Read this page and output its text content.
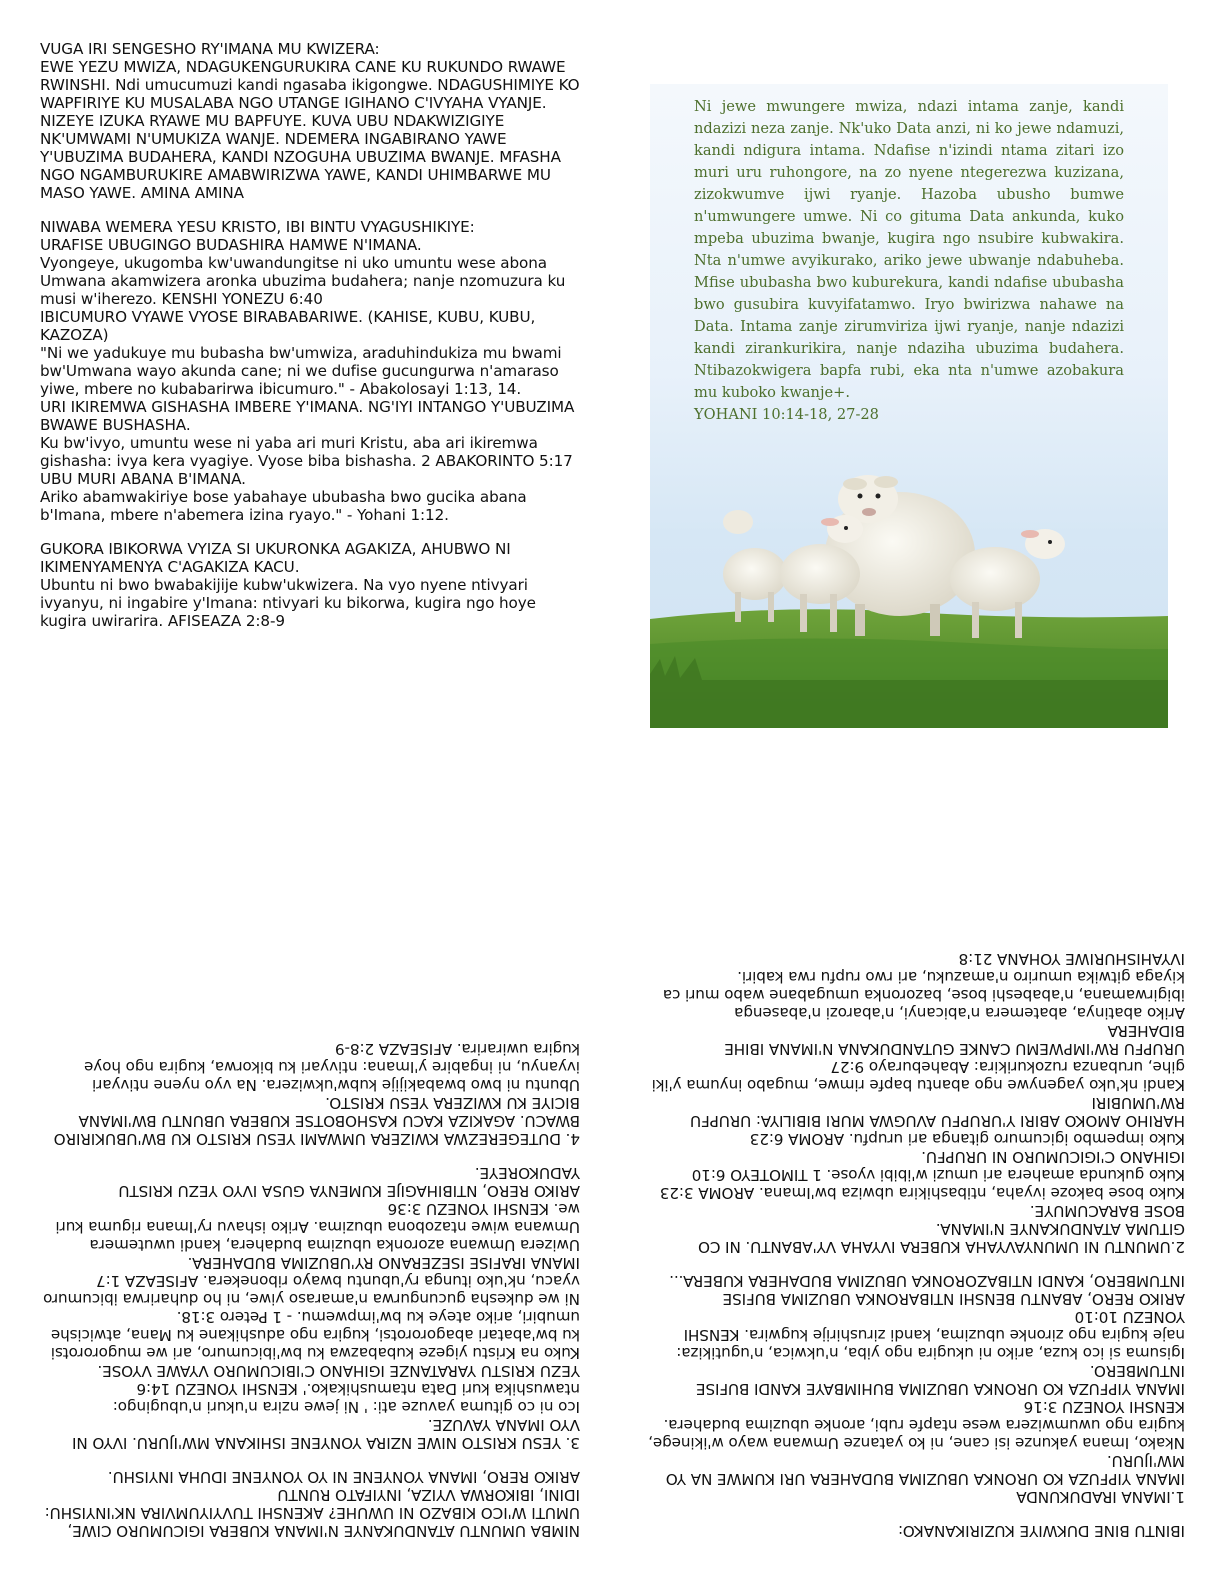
VUGA IRI SENGESHO RY'IMANA MU KWIZERA:
EWE YEZU MWIZA, NDAGUKENGURUKIRA CANE KU RUKUNDO RWAWE RWINSHI. Ndi umucumuzi kandi ngasaba ikigongwe. NDAGUSHIMIYE KO WAPFIRIYE KU MUSALABA NGO UTANGE IGIHANO C'IVYAHA VYANJE. NIZEYE IZUKA RYAWE MU BAPFUYE. KUVA UBU NDAKWIZIGIYE NK'UMWAMI N'UMUKIZA WANJE. NDEMERA INGABIRANO YAWE Y'UBUZIMA BUDAHERA, KANDI NZOGUHA UBUZIMA BWANJE. MFASHA NGO NGAMBURUKIRE AMABWIRIZWA YAWE, KANDI UHIMBARWE MU MASO YAWE. AMINA AMINA

NIWABA WEMERA YESU KRISTO, IBI BINTU VYAGUSHIKIYE:
URAFISE UBUGINGO BUDASHIRA HAMWE N'IMANA.
Vyongeye, ukugomba kw'uwandungitse ni uko umuntu wese abona Umwana akamwizera aronka ubuzima budahera; nanje nzomuzura ku musi w'iherezo. KENSHI YONEZU 6:40
IBICUMURO VYAWE VYOSE BIRABABARIWE. (KAHISE, KUBU, KUBU, KAZOZA)
"Ni we yadukuye mu bubasha bw'umwiza, araduhindukiza mu bwami bw'Umwana wayo akunda cane; ni we dufise gucungurwa n'amaraso yiwe, mbere no kubabarirwa ibicumuro." - Abakolosayi 1:13, 14.
URI IKIREMWA GISHASHA IMBERE Y'IMANA. NG'IYI INTANGO Y'UBUZIMA BWAWE BUSHASHA.
Ku bw'ivyo, umuntu wese ni yaba ari muri Kristu, aba ari ikiremwa gishasha: ivya kera vyagiye. Vyose biba bishasha. 2 ABAKORINTO 5:17
UBU MURI ABANA B'IMANA.
Ariko abamwakiriye bose yabahaye ububasha bwo gucika abana b'Imana, mbere n'abemera izina ryayo." - Yohani 1:12.

GUKORA IBIKORWA VYIZA SI UKURONKA AGAKIZA, AHUBWO NI IKIMENYAMENYA C'AGAKIZA KACU.
Ubuntu ni bwo bwabakijije kubw'ukwizera. Na vyo nyene ntivyari ivyanyu, ni ingabire y'Imana: ntivyari ku bikorwa, kugira ngo hoye kugira uwirarira. AFISEAZA 2:8-9

Ni jewe mwungere mwiza, ndazi intama zanje, kandi ndazizi neza zanje. Nk'uko Data anzi, ni ko jewe ndamuzi, kandi ndigura intama. Ndafise n'izindi ntama zitari izo muri uru ruhongore, na zo nyene ntegerezwa kuzizana, zizokwumve ijwi ryanje. Hazoba ubusho bumwe n'umwungere umwe. Ni co gituma Data ankunda, kuko mpeba ubuzima bwanje, kugira ngo nsubire kubwakira. Nta n'umwe avyikurako, ariko jewe ubwanje ndabuheba. Mfise ububasha bwo kuburekura, kandi ndafise ububasha bwo gusubira kuvyifatamwo. Iryo bwirizwa nahawe na Data. Intama zanje zirumviriza ijwi ryanje, nanje ndazizi kandi zirankurikira, nanje ndaziha ubuzima budahera. Ntibazokwigera bapfa rubi, eka nta n'umwe azobakura mu kuboko kwanje+.
YOHANI 10:14-18, 27-28

NIMBA UMUNTU ATANDUKANYE N'IMANA KUBERA IGICUMURO CIWE, UMUTI W'ICO KIBAZO NI UWUHE? AKENSHI TUVYIYUMVIRA NK'INYISHU: IDINI, IBIKORWA VYIZA, INYIFATO RUNTU
ARIKO RERO, IMANA YONYENE NI YO YONYENE IDUHA INYISHU.

3. YESU KRISTO NIWE NZIRA YONYENE ISHIKANA MW'IJURU. IVYO NI VYO IMANA YAVUZE.
Ico ni co gituma yavuze ati: ' Ni jewe nzira n'ukuri n'ubugingo: ntawushika kuri Data ntamushikako.' KENSHI YONEZU 14:6
YEZU KRISTU YARATANZE IGIHANO C'IBICUMURO VYAWE VYOSE.
Kuko na Kristu yigeze kubabazwa ku bw'ibicumuro, ari we mugororotsi ku bw'abatari abagororotsi, kugira ngo adushikane ku Mana, atwicishe umubiri, ariko ateye ku bw'impwemu. - 1 Petero 3:18.
Ni we dukesha gucungurwa n'amaraso yiwe, ni ho duharirwa ibicumuro vyacu, nk'uko itunga ry'ubuntu bwayo ribonekera. AFISEAZA 1:7
IMANA IRAFISE ISEZERANO RY'UBUZIMA BUDAHERA.
Uwizera Umwana azoronka ubuzima budahera, kandi uwutemera Umwana wiwe ntazobona ubuzima. Ariko ishavu ry'Imana riguma kuri we. KENSHI YONEZU 3:36
ARIKO RERO, NTIBIHAGIJE KUMENYA GUSA IVYO YEZU KRISTU YADUKOREYE.

4. DUTEGEREZWA KWIZERA UMWAMI YESU KRISTO KU BW'UBUKIRIRO BWACU. AGAKIZA KACU KASHOBOTSE KUBERA UBUNTU BW'IMANA BICIYE KU KWIZERA YESU KRISTO.
Ubuntu ni bwo bwabakijije kubw'ukwizera. Na vyo nyene ntivyari ivyanyu, ni ingabire y'Imana: ntivyari ku bikorwa, kugira ngo hoye kugira uwirarira. AFISEAZA 2:8-9

IBINTU BINE DUKWIYE KUZIRIKANAKO:

1.IMANA IRADUKUNDA
IMANA YIPFUZA KO URONKA UBUZIMA BUDAHERA URI KUMWE NA YO MW'IJURU.
Nkako, Imana yakunze isi cane, ni ko yatanze Umwana wayo w'ikinege, kugira ngo uwumwizera wese ntapfe rubi, aronke ubuzima budahera. KENSHI YONEZU 3:16
IMANA YIPFUZA KO URONKA UBUZIMA BUHIMBAYE KANDI BUFISE INTUMBERO.
Igisuma si ico kuza, ariko ni ukugira ngo yiba, n'ukwica, n'ugutikiza: naje kugira ngo zironke ubuzima, kandi zirushirije kugwira. KENSHI YONEZU 10:10
ARIKO RERO, ABANTU BENSHI NTIBARONKA UBUZIMA BUFISE INTUMBERO, KANDI NTIBAZORONKA UBUZIMA BUDAHERA KUBERA...

2.UMUNTU NI UMUNYAVYAHA KUBERA IVYAHA VY'ABANTU. NI CO GITUMA ATANDUKANYE N'IMANA.
BOSE BARACUMUYE.
Kuko bose bakoze ivyaha, ntibashikira ubwiza bw'Imana. AROMA 3:23
Kuko gukunda amahera ari umuzi w'ibibi vyose. 1 TIMOTEYO 6:10
IGIHANO C'IGICUMURO NI URUPFU.
Kuko impembo igicumuro gitanga ari urupfu. AROMA 6:23
HARIHO AMOKO ABIRI Y'URUPFU AVUGWA MURI BIBILIYA: URUPFU RW'UMUBIRI
Kandi nk'uko yagenywe ngo abantu bapfe rimwe, mugabo inyuma y'iki gihe, urubanza ruzokurikira: Abaheburayo 9:27
URUPFU RW'IMPWEMU CANKE GUTANDUKANA N'IMANA IBIHE BIDAHERA
Ariko abatinya, abatemera n'abicanyi, n'abarozi n'abasenga ibigirwamana, n'ababeshi bose, bazoronka umugabane wabo muri ca kiyaga gitwika umuriro n'amazuku, ari rwo rupfu rwa kabiri. IVYAHISHURIWE YOHANA 21:8
